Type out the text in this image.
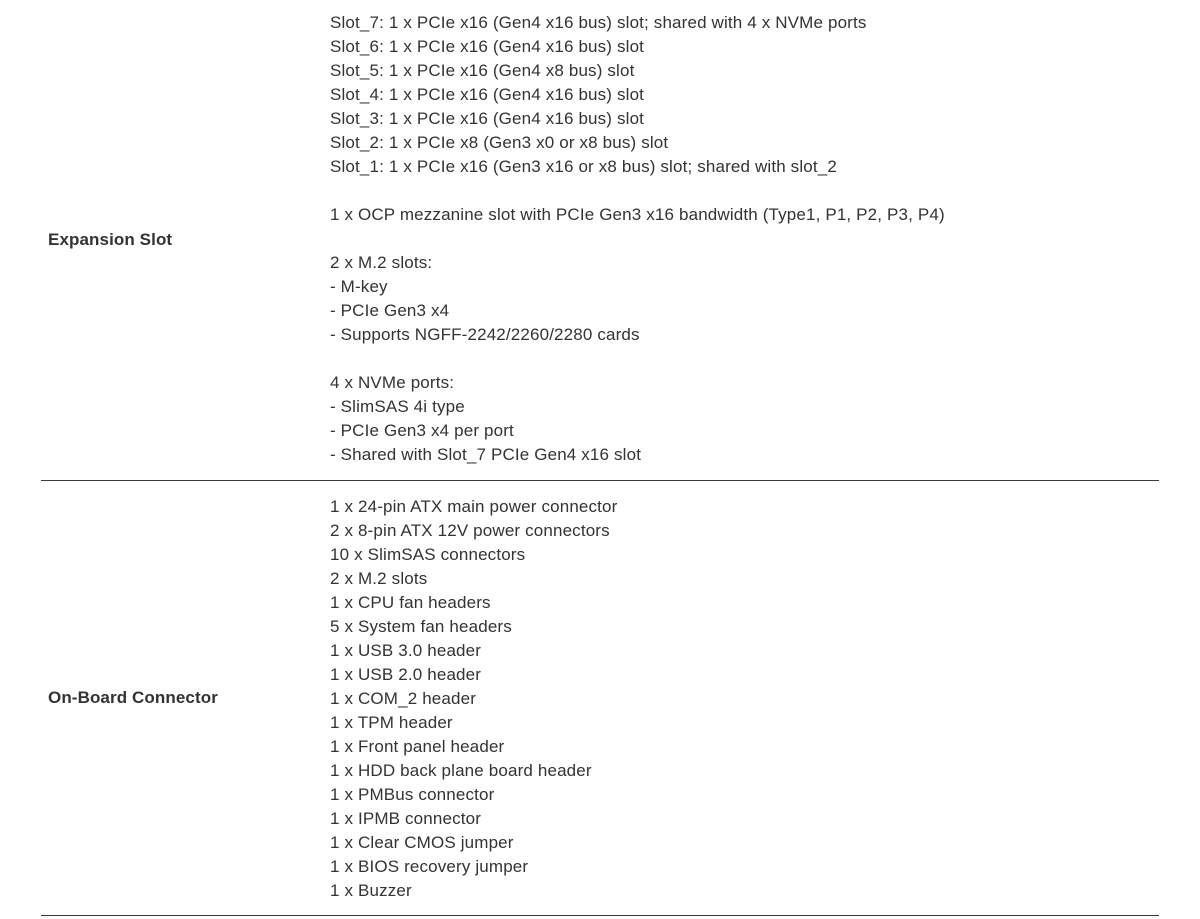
Expansion Slot
Slot_7: 1 x PCIe x16 (Gen4 x16 bus) slot; shared with 4 x NVMe ports
Slot_6: 1 x PCIe x16 (Gen4 x16 bus) slot
Slot_5: 1 x PCIe x16 (Gen4 x8 bus) slot
Slot_4: 1 x PCIe x16 (Gen4 x16 bus) slot
Slot_3: 1 x PCIe x16 (Gen4 x16 bus) slot
Slot_2: 1 x PCIe x8 (Gen3 x0 or x8 bus) slot
Slot_1: 1 x PCIe x16 (Gen3 x16 or x8 bus) slot; shared with slot_2
1 x OCP mezzanine slot with PCIe Gen3 x16 bandwidth (Type1, P1, P2, P3, P4)
2 x M.2 slots:
- M-key
- PCIe Gen3 x4
- Supports NGFF-2242/2260/2280 cards
4 x NVMe ports:
- SlimSAS 4i type
- PCIe Gen3 x4 per port
- Shared with Slot_7 PCIe Gen4 x16 slot
On-Board Connector
1 x 24-pin ATX main power connector
2 x 8-pin ATX 12V power connectors
10 x SlimSAS connectors
2 x M.2 slots
1 x CPU fan headers
5 x System fan headers
1 x USB 3.0 header
1 x USB 2.0 header
1 x COM_2 header
1 x TPM header
1 x Front panel header
1 x HDD back plane board header
1 x PMBus connector
1 x IPMB connector
1 x Clear CMOS jumper
1 x BIOS recovery jumper
1 x Buzzer
